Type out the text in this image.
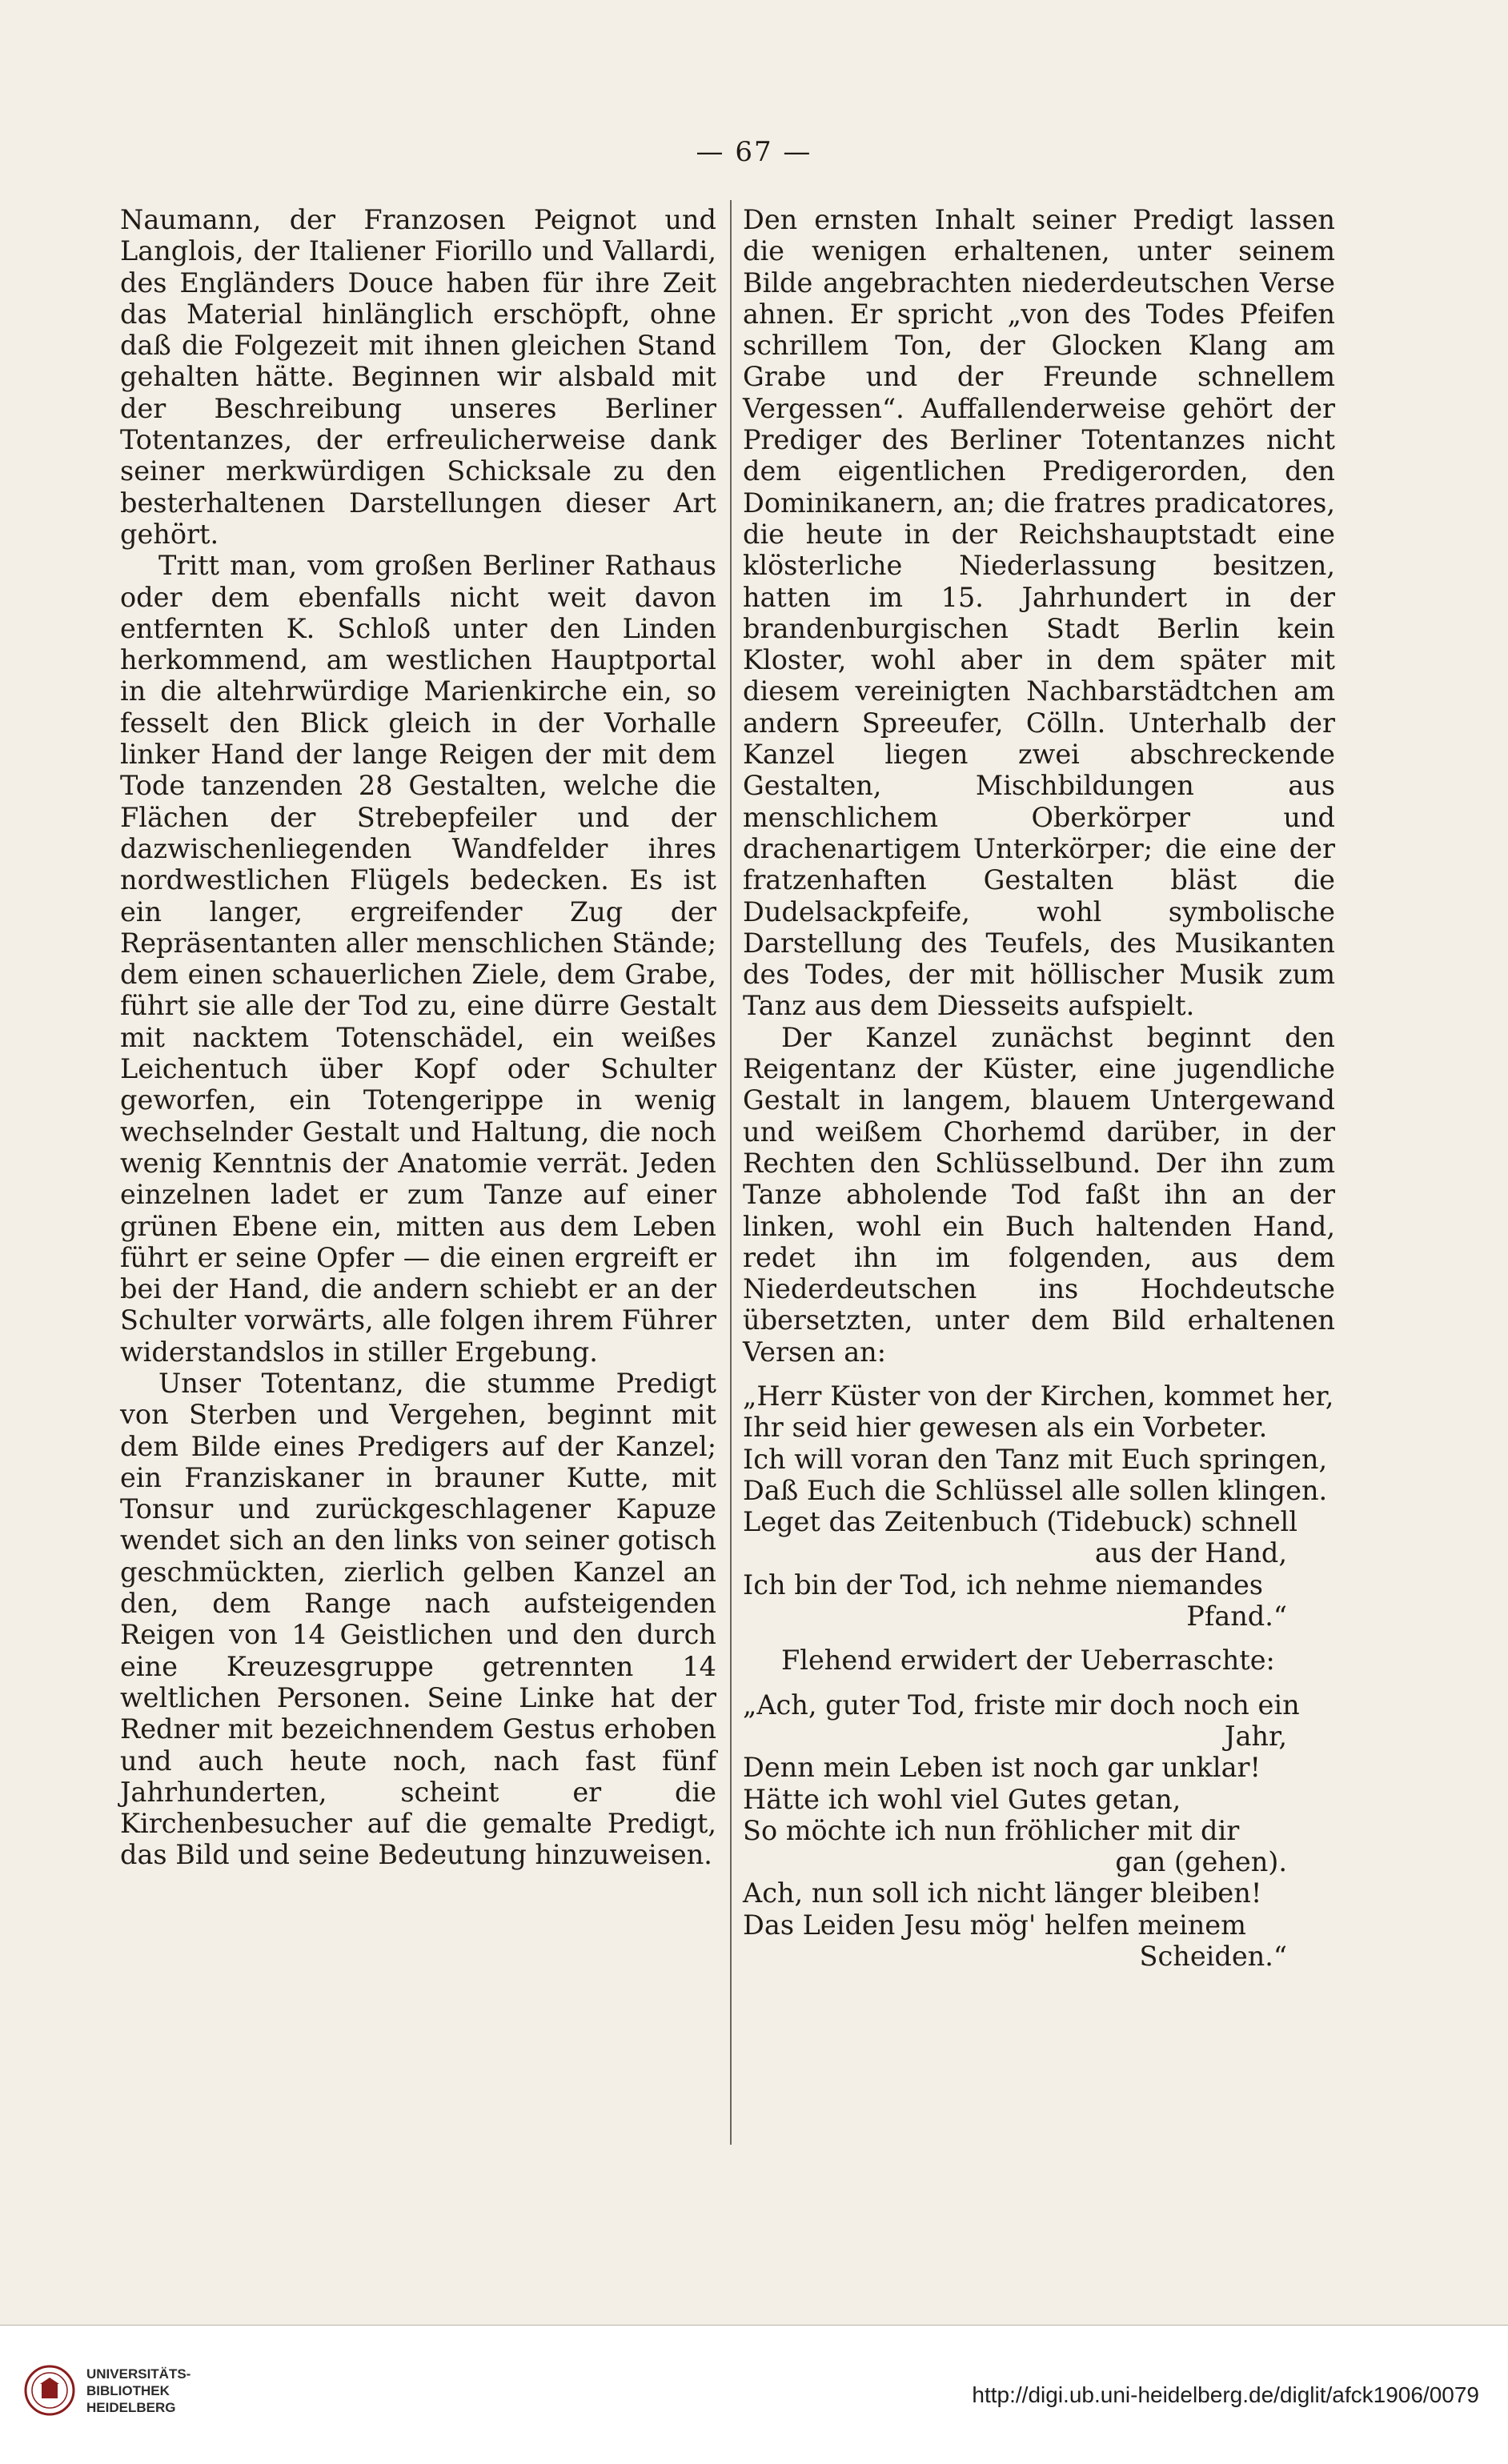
— 67 —

Naumann, der Franzosen Peignot und Langlois, der Italiener Fiorillo und Vallardi, des Engländers Douce haben für ihre Zeit das Material hinlänglich erschöpft, ohne daß die Folgezeit mit ihnen gleichen Stand gehalten hätte. Beginnen wir alsbald mit der Beschreibung unseres Berliner Totentanzes, der erfreulicherweise dank seiner merkwürdigen Schicksale zu den besterhaltenen Darstellungen dieser Art gehört.

Tritt man, vom großen Berliner Rathaus oder dem ebenfalls nicht weit davon entfernten K. Schloß unter den Linden herkommend, am westlichen Hauptportal in die altehrwürdige Marienkirche ein, so fesselt den Blick gleich in der Vorhalle linker Hand der lange Reigen der mit dem Tode tanzenden 28 Gestalten, welche die Flächen der Strebepfeiler und der dazwischenliegenden Wandfelder ihres nordwestlichen Flügels bedecken. Es ist ein langer, ergreifender Zug der Repräsentanten aller menschlichen Stände; dem einen schauerlichen Ziele, dem Grabe, führt sie alle der Tod zu, eine dürre Gestalt mit nacktem Totenschädel, ein weißes Leichentuch über Kopf oder Schulter geworfen, ein Totengerippe in wenig wechselnder Gestalt und Haltung, die noch wenig Kenntnis der Anatomie verrät. Jeden einzelnen ladet er zum Tanze auf einer grünen Ebene ein, mitten aus dem Leben führt er seine Opfer — die einen ergreift er bei der Hand, die andern schiebt er an der Schulter vorwärts, alle folgen ihrem Führer widerstandslos in stiller Ergebung.

Unser Totentanz, die stumme Predigt von Sterben und Vergehen, beginnt mit dem Bilde eines Predigers auf der Kanzel; ein Franziskaner in brauner Kutte, mit Tonsur und zurückgeschlagener Kapuze wendet sich an den links von seiner gotisch geschmückten, zierlich gelben Kanzel an den, dem Range nach aufsteigenden Reigen von 14 Geistlichen und den durch eine Kreuzesgruppe getrennten 14 weltlichen Personen. Seine Linke hat der Redner mit bezeichnendem Gestus erhoben und auch heute noch, nach fast fünf Jahrhunderten, scheint er die Kirchenbesucher auf die gemalte Predigt, das Bild und seine Bedeutung hinzuweisen.

Den ernsten Inhalt seiner Predigt lassen die wenigen erhaltenen, unter seinem Bilde angebrachten niederdeutschen Verse ahnen. Er spricht „von des Todes Pfeifen schrillem Ton, der Glocken Klang am Grabe und der Freunde schnellem Vergessen“. Auffallenderweise gehört der Prediger des Berliner Totentanzes nicht dem eigentlichen Predigerorden, den Dominikanern, an; die fratres pradicatores, die heute in der Reichshauptstadt eine klösterliche Niederlassung besitzen, hatten im 15. Jahrhundert in der brandenburgischen Stadt Berlin kein Kloster, wohl aber in dem später mit diesem vereinigten Nachbarstädtchen am andern Spreeufer, Cölln. Unterhalb der Kanzel liegen zwei abschreckende Gestalten, Mischbildungen aus menschlichem Oberkörper und drachenartigem Unterkörper; die eine der fratzenhaften Gestalten bläst die Dudelsackpfeife, wohl symbolische Darstellung des Teufels, des Musikanten des Todes, der mit höllischer Musik zum Tanz aus dem Diesseits aufspielt.

Der Kanzel zunächst beginnt den Reigentanz der Küster, eine jugendliche Gestalt in langem, blauem Untergewand und weißem Chorhemd darüber, in der Rechten den Schlüsselbund. Der ihn zum Tanze abholende Tod faßt ihn an der linken, wohl ein Buch haltenden Hand, redet ihn im folgenden, aus dem Niederdeutschen ins Hochdeutsche übersetzten, unter dem Bild erhaltenen Versen an:

„Herr Küster von der Kirchen, kommet her,
Ihr seid hier gewesen als ein Vorbeter.
Ich will voran den Tanz mit Euch springen,
Daß Euch die Schlüssel alle sollen klingen.
Leget das Zeitenbuch (Tidebuck) schnell
aus der Hand,
Ich bin der Tod, ich nehme niemandes
Pfand.“

Flehend erwidert der Ueberraschte:

„Ach, guter Tod, friste mir doch noch ein
Jahr,
Denn mein Leben ist noch gar unklar!
Hätte ich wohl viel Gutes getan,
So möchte ich nun fröhlicher mit dir
gan (gehen).
Ach, nun soll ich nicht länger bleiben!
Das Leiden Jesu mög' helfen meinem
Scheiden.“
UNIVERSITÄTS-
BIBLIOTHEK
HEIDELBERG	http://digi.ub.uni-heidelberg.de/diglit/afck1906/0079
